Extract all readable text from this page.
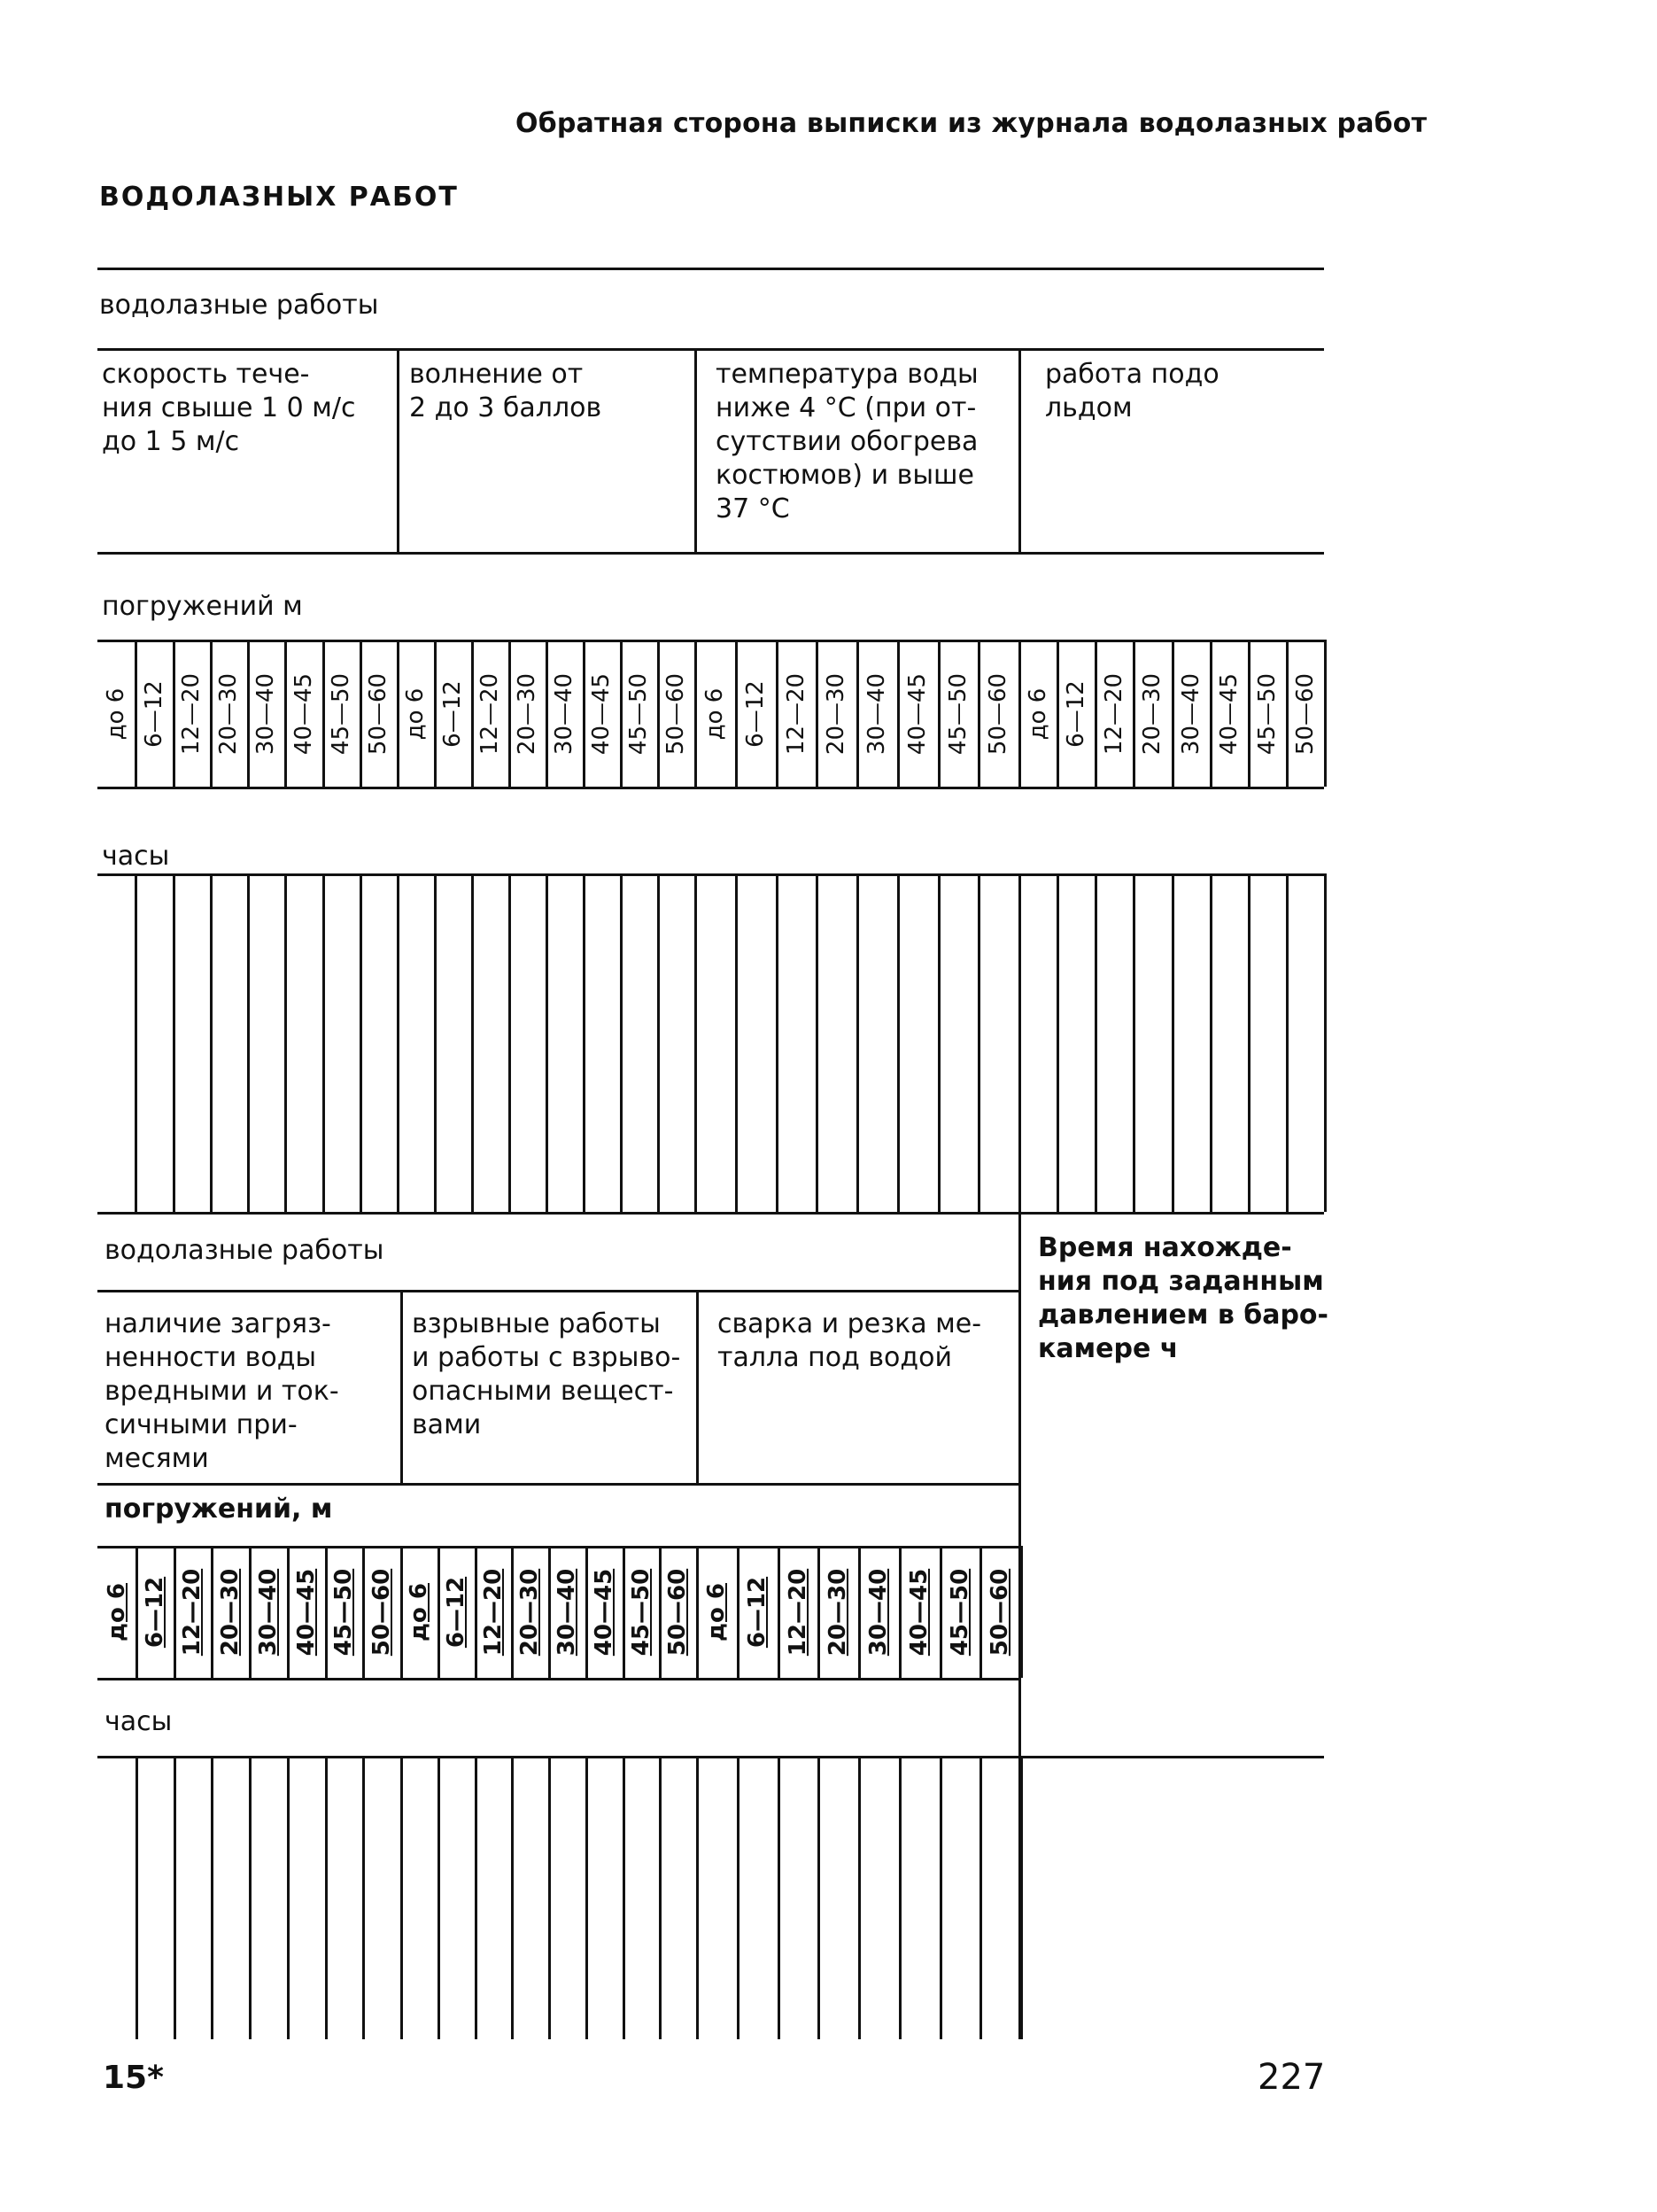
Обратная сторона выписки из журнала водолазных работ
ВОДОЛАЗНЫХ РАБОТ
водолазные работы
скорость тече-
ния свыше 1 0 м/с
до 1 5 м/с
волнение от
2 до 3 баллов
температура воды
ниже 4 °С (при от-
сутствии обогрева
костюмов) и выше
37 °С
работа подо
льдом
погружений м
часы
водолазные работы
наличие загряз-
ненности воды
вредными и ток-
сичными при-
месями
взрывные работы
и работы с взрыво-
опасными вещест-
вами
сварка и резка ме-
талла под водой
погружений, м
часы
Время нахожде-
ния под заданным
давлением в баро-
камере ч
15*	227
до 6 6—12 12—20 20—30 30—40 40—45 45—50 50—60 до 6 6—12 12—20 20—30 30—40 40—45 45—50 50—60 до 6 6—12 12—20 20—30 30—40 40—45 45—50 50—60 до 6 6—12 12—20 20—30 30—40 40—45 45—50 50—60
до 6 6—12 12—20 20—30 30—40 40—45 45—50 50—60 до 6 6—12 12—20 20—30 30—40 40—45 45—50 50—60 до 6 6—12 12—20 20—30 30—40 40—45 45—50 50—60
